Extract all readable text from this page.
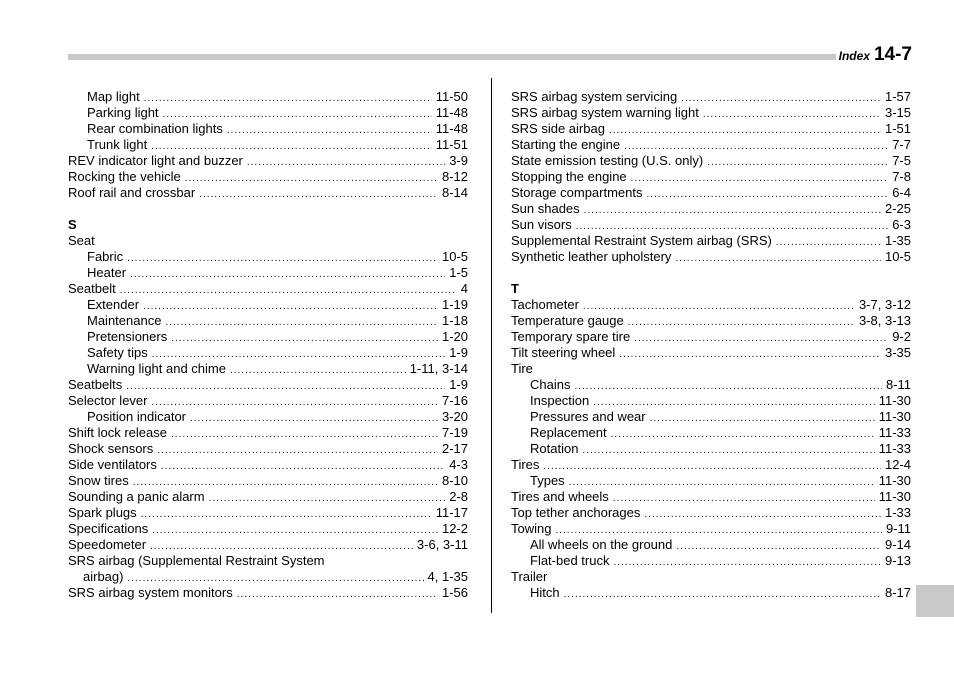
Index 14-7
Map light .....	11-50
Parking light .....	11-48
Rear combination lights .....	11-48
Trunk light .....	11-51
REV indicator light and buzzer .....	3-9
Rocking the vehicle .....	8-12
Roof rail and crossbar .....	8-14
S
Seat
Fabric .....	10-5
Heater .....	1-5
Seatbelt .....	4
Extender .....	1-19
Maintenance .....	1-18
Pretensioners .....	1-20
Safety tips .....	1-9
Warning light and chime .....	1-11, 3-14
Seatbelts .....	1-9
Selector lever .....	7-16
Position indicator .....	3-20
Shift lock release .....	7-19
Shock sensors .....	2-17
Side ventilators .....	4-3
Snow tires .....	8-10
Sounding a panic alarm .....	2-8
Spark plugs .....	11-17
Specifications .....	12-2
Speedometer .....	3-6, 3-11
SRS airbag (Supplemental Restraint System
airbag) .....	4, 1-35
SRS airbag system monitors .....	1-56
SRS airbag system servicing .....	1-57
SRS airbag system warning light .....	3-15
SRS side airbag .....	1-51
Starting the engine .....	7-7
State emission testing (U.S. only) .....	7-5
Stopping the engine .....	7-8
Storage compartments .....	6-4
Sun shades .....	2-25
Sun visors .....	6-3
Supplemental Restraint System airbag (SRS) .....	1-35
Synthetic leather upholstery .....	10-5
T
Tachometer .....	3-7, 3-12
Temperature gauge .....	3-8, 3-13
Temporary spare tire .....	9-2
Tilt steering wheel .....	3-35
Tire
Chains .....	8-11
Inspection .....	11-30
Pressures and wear .....	11-30
Replacement .....	11-33
Rotation .....	11-33
Tires .....	12-4
Types .....	11-30
Tires and wheels .....	11-30
Top tether anchorages .....	1-33
Towing .....	9-11
All wheels on the ground .....	9-14
Flat-bed truck .....	9-13
Trailer
Hitch .....	8-17
